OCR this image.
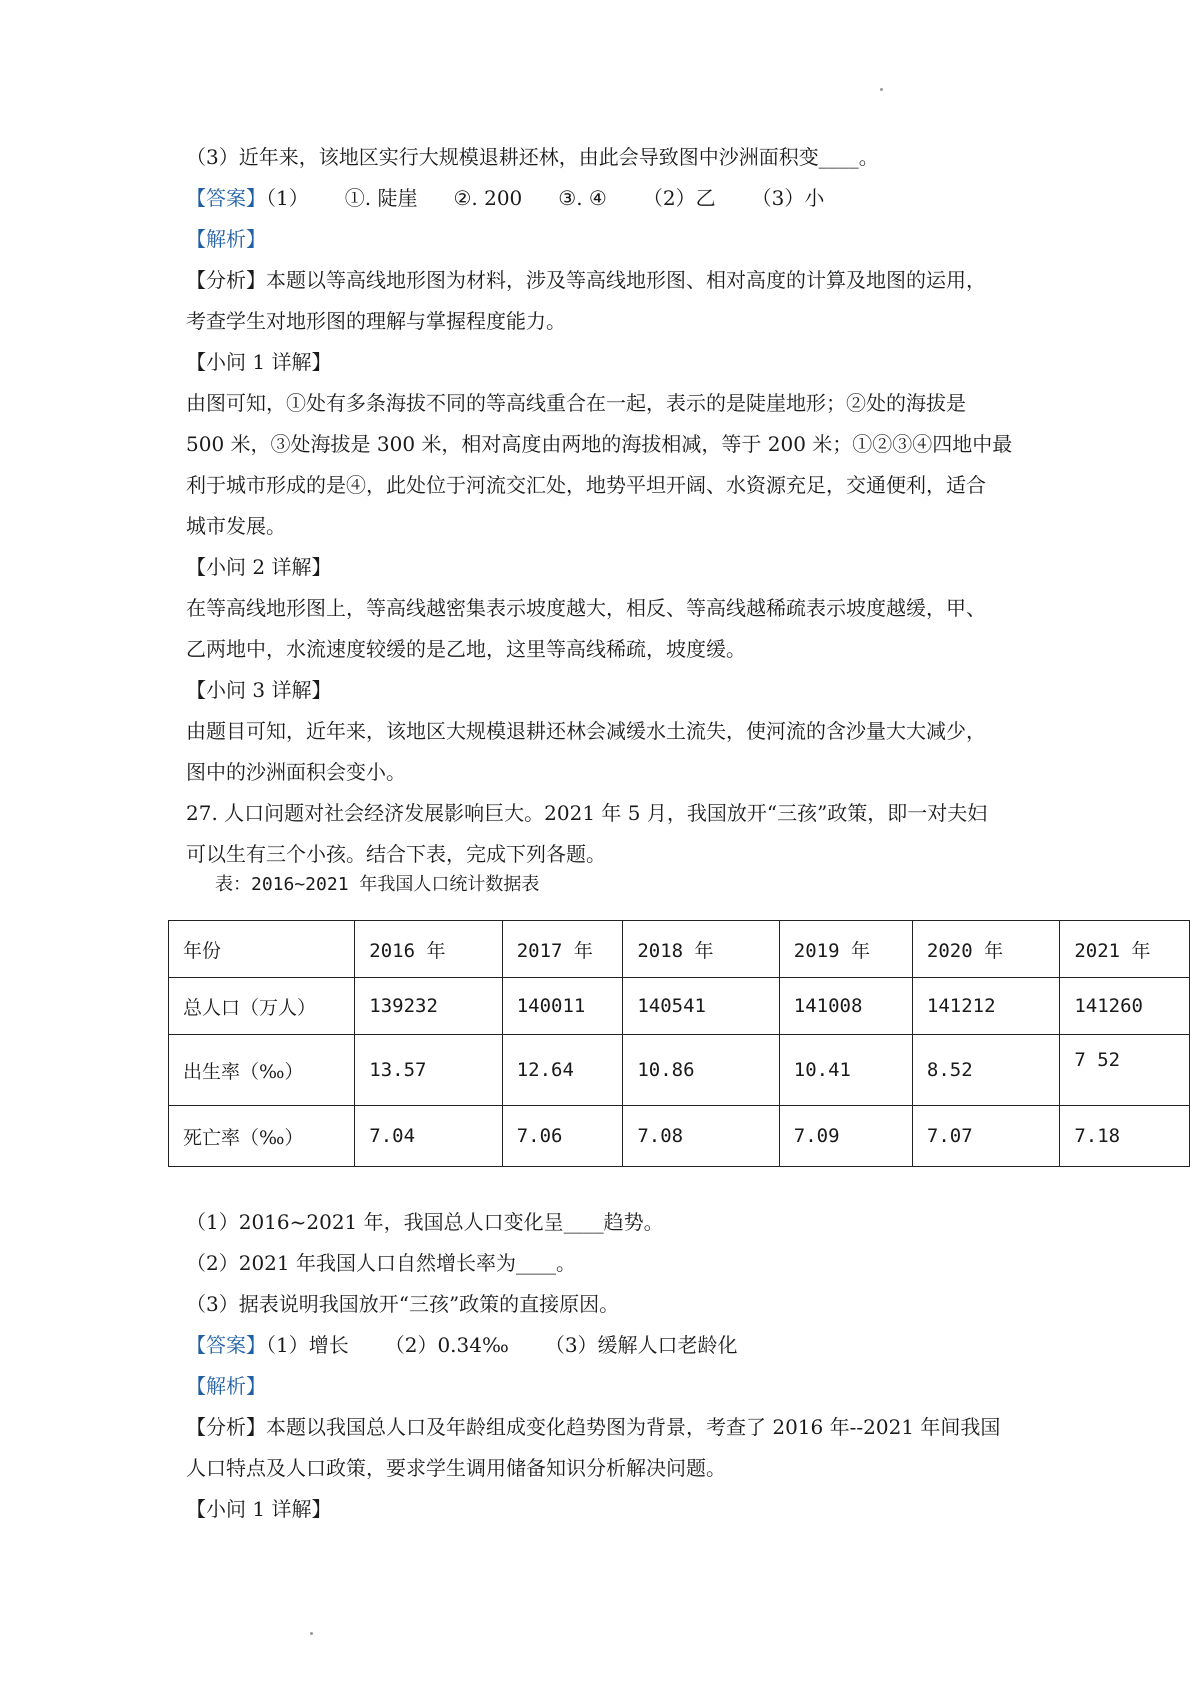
（3）近年来，该地区实行大规模退耕还林，由此会导致图中沙洲面积变____。
【答案】（1） ①. 陡崖 ②. 200 ③. ④ （2）乙 （3）小
【解析】
【分析】本题以等高线地形图为材料，涉及等高线地形图、相对高度的计算及地图的运用，
考查学生对地形图的理解与掌握程度能力。
【小问 1 详解】
由图可知，①处有多条海拔不同的等高线重合在一起，表示的是陡崖地形；②处的海拔是
500 米，③处海拔是 300 米，相对高度由两地的海拔相减，等于 200 米；①②③④四地中最
利于城市形成的是④，此处位于河流交汇处，地势平坦开阔、水资源充足，交通便利，适合
城市发展。
【小问 2 详解】
在等高线地形图上，等高线越密集表示坡度越大，相反、等高线越稀疏表示坡度越缓，甲、
乙两地中，水流速度较缓的是乙地，这里等高线稀疏，坡度缓。
【小问 3 详解】
由题目可知，近年来，该地区大规模退耕还林会减缓水土流失，使河流的含沙量大大减少，
图中的沙洲面积会变小。
27. 人口问题对社会经济发展影响巨大。2021 年 5 月，我国放开“三孩”政策，即一对夫妇
可以生有三个小孩。结合下表，完成下列各题。
表：2016~2021 年我国人口统计数据表
年份	2016 年	2017 年	2018 年	2019 年	2020 年	2021 年
总人口（万人）	139232	140011	140541	141008	141212	141260
出生率（‰）	13.57	12.64	10.86	10.41	8.52	7 52
死亡率（‰）	7.04	7.06	7.08	7.09	7.07	7.18
（1）2016~2021 年，我国总人口变化呈____趋势。
（2）2021 年我国人口自然增长率为____。
（3）据表说明我国放开“三孩”政策的直接原因。
【答案】（1）增长 （2）0.34‰ （3）缓解人口老龄化
【解析】
【分析】本题以我国总人口及年龄组成变化趋势图为背景，考查了 2016 年--2021 年间我国
人口特点及人口政策，要求学生调用储备知识分析解决问题。
【小问 1 详解】
